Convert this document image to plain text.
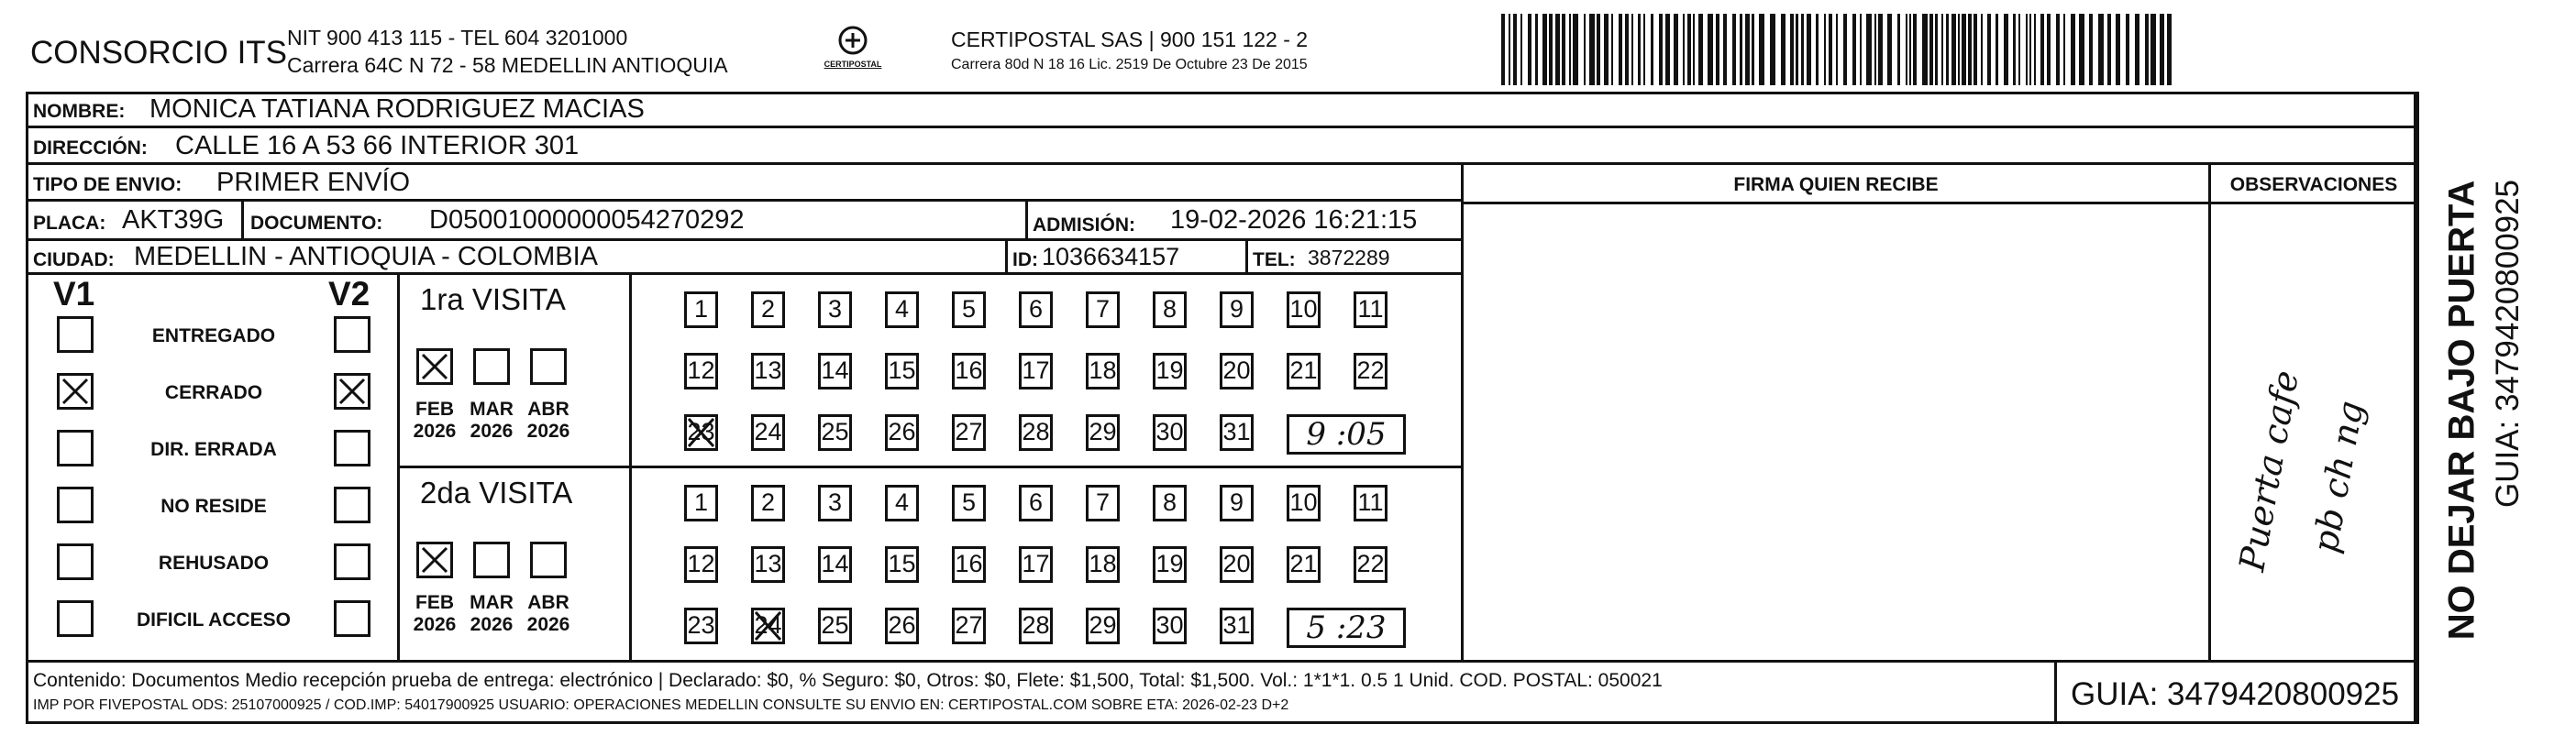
CONSORCIO ITS NIT 900 413 115 - TEL 604 3201000
Carrera 64C N 72 - 58 MEDELLIN ANTIOQUIA	CERTIPOSTAL
CERTIPOSTAL SAS | 900 151 122 - 2
Carrera 80d N 18 16 Lic. 2519 De Octubre 23 De 2015
NOMBRE: MONICA TATIANA RODRIGUEZ MACIAS
DIRECCIÓN: CALLE 16 A 53 66 INTERIOR 301
TIPO DE ENVIO: PRIMER ENVÍO
PLACA: AKT39G DOCUMENTO: D05001000000054270292	ADMISIÓN: 19-02-2026 16:21:15
CIUDAD: MEDELLIN - ANTIOQUIA - COLOMBIA	ID: 1036634157	TEL: 3872289
FIRMA QUIEN RECIBE	OBSERVACIONES
Puerta cafe
pb ch ng
V1	V2
ENTREGADO
CERRADO
DIR. ERRADA
NO RESIDE
REHUSADO
DIFICIL ACCESO
1ra VISITA
FEB
2026
MAR
2026
ABR
2026
1	2	3	4	5	6	7	8	9	10 11
12 13 14 15 16 17 18 19 20 21 22
23 24 25 26 27 28 29 30 31	9 :05
2da VISITA
FEB
2026
MAR
2026
ABR
2026
1	2	3	4	5	6	7	8	9	10 11
12 13 14 15 16 17 18 19 20 21 22
23 24 25 26 27 28 29 30 31	5 :23
Contenido: Documentos Medio recepción prueba de entrega: electrónico | Declarado: $0, % Seguro: $0, Otros: $0, Flete: $1,500, Total: $1,500. Vol.: 1*1*1. 0.5 1 Unid. COD. POSTAL: 050021
IMP POR FIVEPOSTAL ODS: 25107000925 / COD.IMP: 54017900925 USUARIO: OPERACIONES MEDELLIN CONSULTE SU ENVIO EN: CERTIPOSTAL.COM SOBRE ETA: 2026-02-23 D+2	GUIA: 3479420800925
NO DEJAR BAJO PUERTA GUIA: 3479420800925
